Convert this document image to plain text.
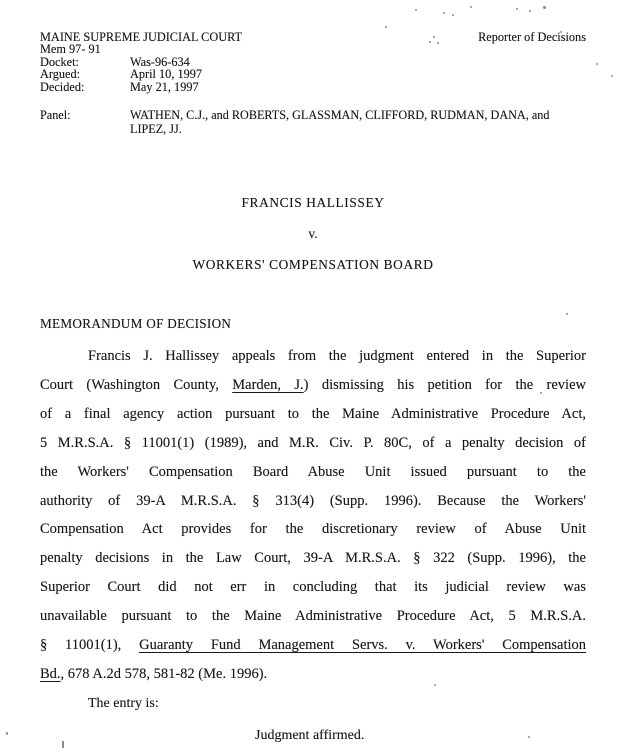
MAINE SUPREME JUDICIAL COURT	Reporter of Decisions
Mem 97- 91
Docket:	Was-96-634
Argued:	April 10, 1997
Decided:	May 21, 1997
Panel:	WATHEN, C.J., and ROBERTS, GLASSMAN, CLIFFORD, RUDMAN, DANA, and LIPEZ, JJ.
FRANCIS HALLISSEY
v.
WORKERS' COMPENSATION BOARD
MEMORANDUM OF DECISION
Francis J. Hallissey appeals from the judgment entered in the Superior
Court (Washington County, Marden, J.) dismissing his petition for the review
of a final agency action pursuant to the Maine Administrative Procedure Act,
5 M.R.S.A. § 11001(1) (1989), and M.R. Civ. P. 80C, of a penalty decision of
the Workers' Compensation Board Abuse Unit issued pursuant to the
authority of 39-A M.R.S.A. § 313(4) (Supp. 1996). Because the Workers'
Compensation Act provides for the discretionary review of Abuse Unit
penalty decisions in the Law Court, 39-A M.R.S.A. § 322 (Supp. 1996), the
Superior Court did not err in concluding that its judicial review was
unavailable pursuant to the Maine Administrative Procedure Act, 5 M.R.S.A.
§ 11001(1), Guaranty Fund Management Servs. v. Workers' Compensation
Bd., 678 A.2d 578, 581-82 (Me. 1996).
The entry is:
Judgment affirmed.
